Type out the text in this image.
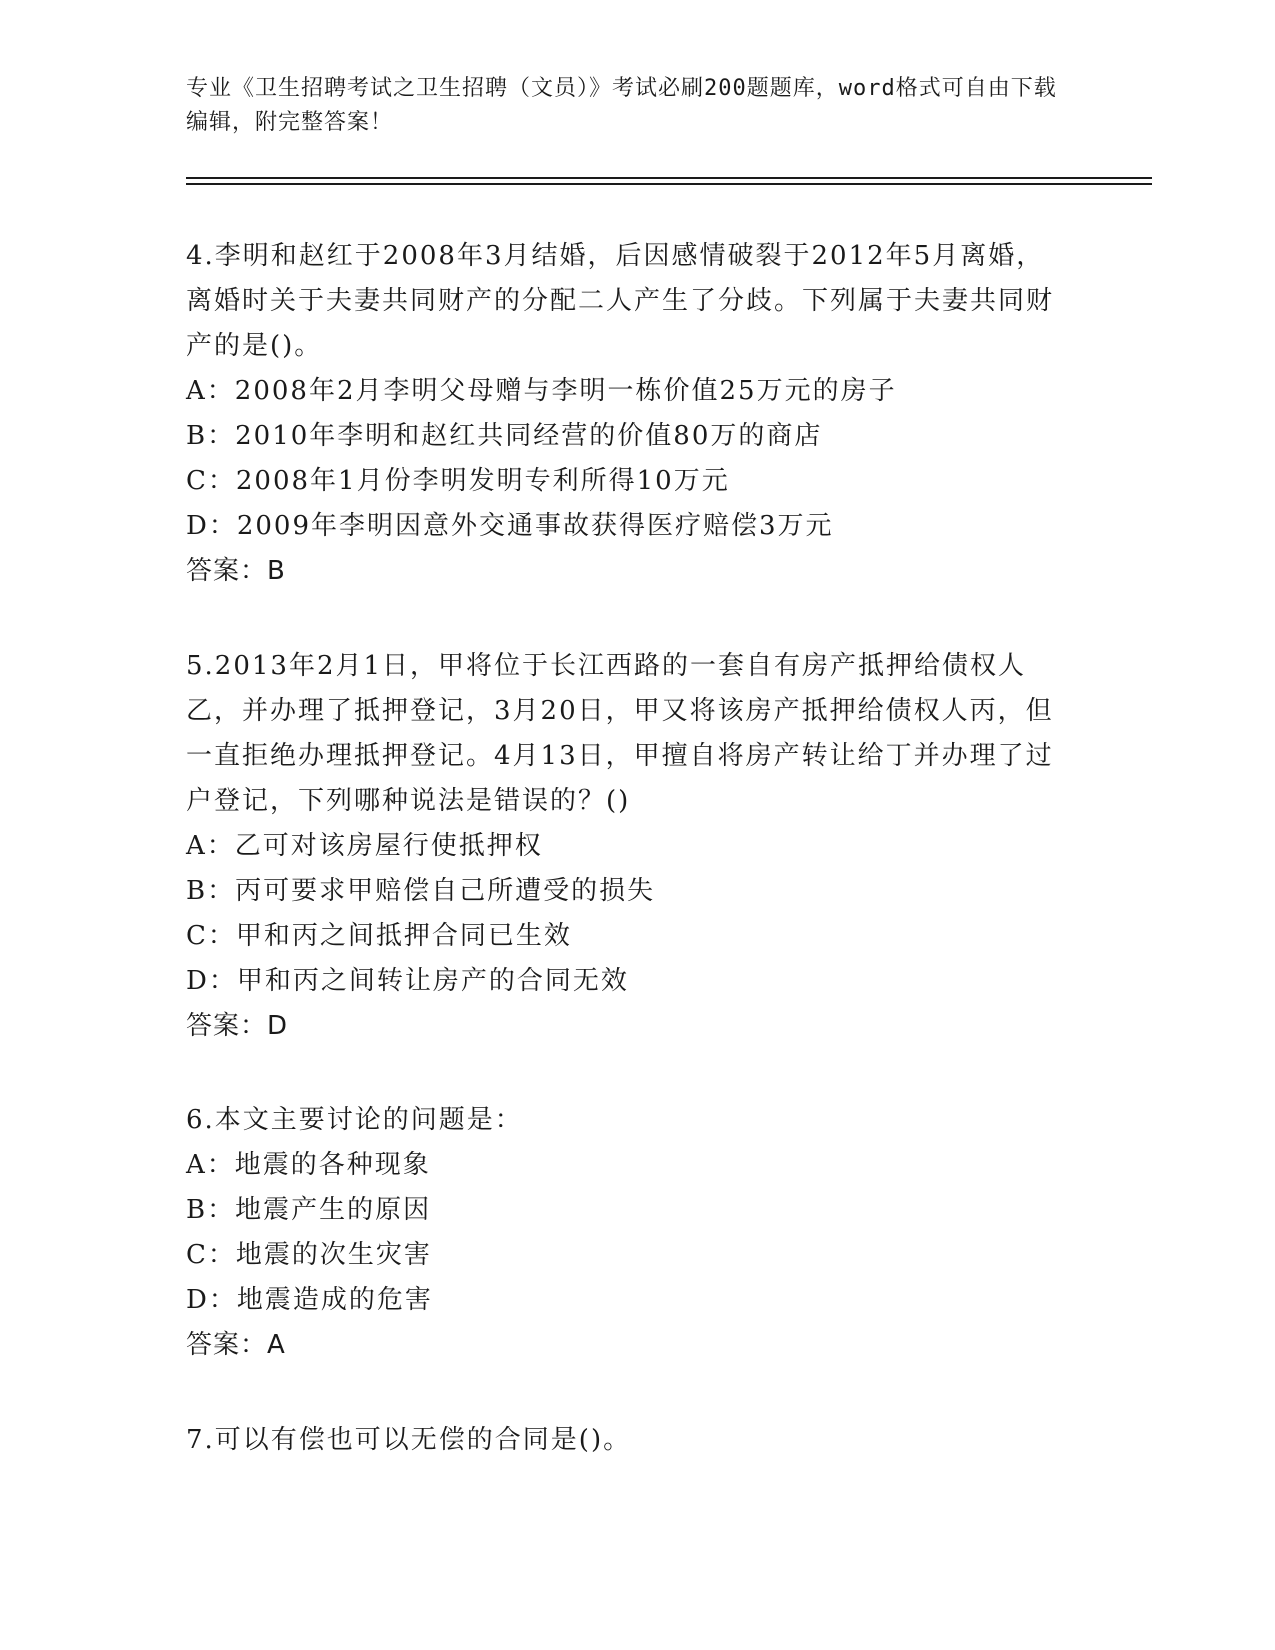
专业《卫生招聘考试之卫生招聘（文员）》考试必刷200题题库，word格式可自由下载编辑，附完整答案！

4.李明和赵红于2008年3月结婚，后因感情破裂于2012年5月离婚，离婚时关于夫妻共同财产的分配二人产生了分歧。下列属于夫妻共同财产的是()。

A：2008年2月李明父母赠与李明一栋价值25万元的房子

B：2010年李明和赵红共同经营的价值80万的商店

C：2008年1月份李明发明专利所得10万元

D：2009年李明因意外交通事故获得医疗赔偿3万元

答案：B

5.2013年2月1日，甲将位于长江西路的一套自有房产抵押给债权人乙，并办理了抵押登记，3月20日，甲又将该房产抵押给债权人丙，但一直拒绝办理抵押登记。4月13日，甲擅自将房产转让给丁并办理了过户登记，下列哪种说法是错误的？()

A：乙可对该房屋行使抵押权

B：丙可要求甲赔偿自己所遭受的损失

C：甲和丙之间抵押合同已生效

D：甲和丙之间转让房产的合同无效

答案：D

6.本文主要讨论的问题是：

A：地震的各种现象

B：地震产生的原因

C：地震的次生灾害

D：地震造成的危害

答案：A

7.可以有偿也可以无偿的合同是()。
